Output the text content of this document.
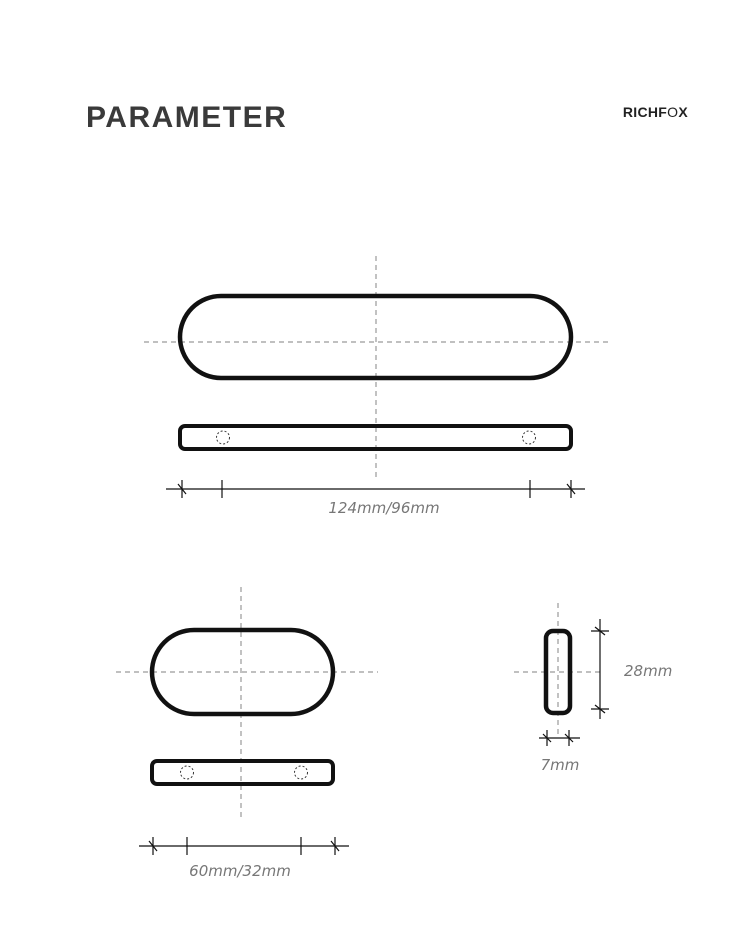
PARAMETER	RICHFOX
124mm/96mm
60mm/32mm
28mm
7mm
